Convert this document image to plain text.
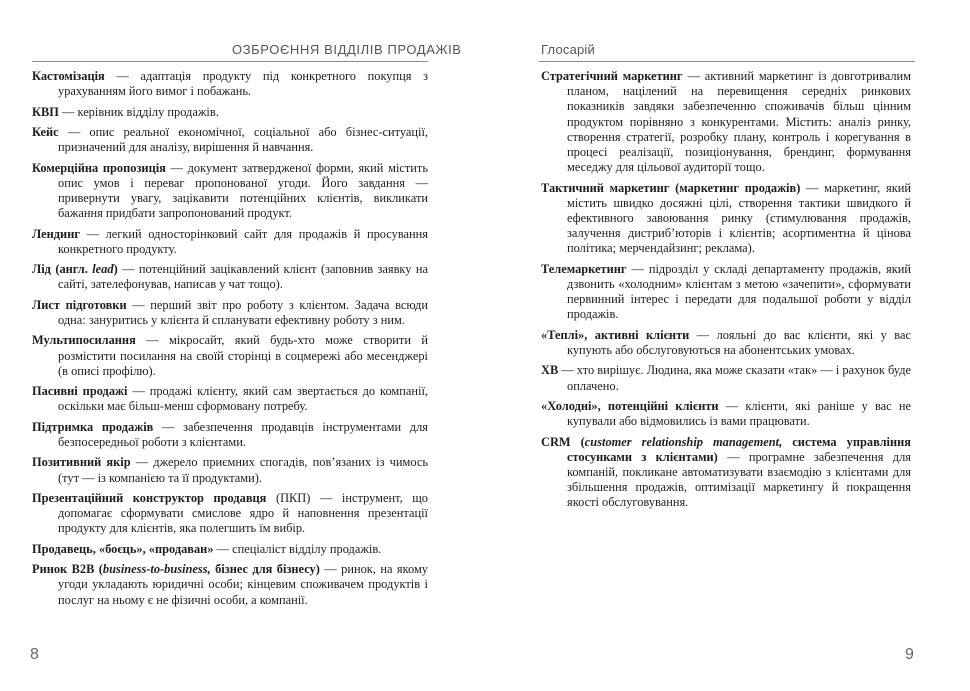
ОЗБРОЄННЯ ВІДДІЛІВ ПРОДАЖІВ

Кастомізація — адаптація продукту під конкретного покупця з урахуванням його вимог і побажань.

КВП — керівник відділу продажів.

Кейс — опис реальної економічної, соціальної або бізнес-ситуації, призначений для аналізу, вирішення й навчання.

Комерційна пропозиція — документ затвердженої форми, який містить опис умов і переваг пропонованої угоди. Його завдання — привернути увагу, зацікавити потенційних клієнтів, викликати бажання придбати запропонований продукт.

Лендинг — легкий односторінковий сайт для продажів й просування конкретного продукту.

Лід (англ. lead) — потенційний зацікавлений клієнт (заповнив заявку на сайті, зателефонував, написав у чат тощо).

Лист підготовки — перший звіт про роботу з клієнтом. Задача всюди одна: зануритись у клієнта й спланувати ефективну роботу з ним.

Мультипосилання — мікросайт, який будь-хто може створити й розмістити посилання на своїй сторінці в соцмережі або месенджері (в описі профілю).

Пасивні продажі — продажі клієнту, який сам звертається до компанії, оскільки має більш-менш сформовану потребу.

Підтримка продажів — забезпечення продавців інструментами для безпосередньої роботи з клієнтами.

Позитивний якір — джерело приємних спогадів, пов’язаних із чимось (тут — із компанією та її продуктами).

Презентаційний конструктор продавця (ПКП) — інструмент, що допомагає сформувати смислове ядро й наповнення презентації продукту для клієнтів, яка полегшить їм вибір.

Продавець, «боєць», «продаван» — спеціаліст відділу продажів.

Ринок B2B (business-to-business, бізнес для бізнесу) — ринок, на якому угоди укладають юридичні особи; кінцевим споживачем продуктів і послуг на ньому є не фізичні особи, а компанії.

8
Глосарій

Стратегічний маркетинг — активний маркетинг із довготривалим планом, націлений на перевищення середніх ринкових показників завдяки забезпеченню споживачів більш цінним продуктом порівняно з конкурентами. Містить: аналіз ринку, створення стратегії, розробку плану, контроль і корегування в процесі реалізації, позиціонування, брендинг, формування меседжу для цільової аудиторії тощо.

Тактичний маркетинг (маркетинг продажів) — маркетинг, який містить швидко досяжні цілі, створення тактики швидкого й ефективного завоювання ринку (стимулювання продажів, залучення дистриб’юторів і клієнтів; асортиментна й цінова політика; мерчендайзинг; реклама).

Телемаркетинг — підрозділ у складі департаменту продажів, який дзвонить «холодним» клієнтам з метою «зачепити», сформувати первинний інтерес і передати для подальшої роботи у відділ продажів.

«Теплі», активні клієнти — лояльні до вас клієнти, які у вас купують або обслуговуються на абонентських умовах.

ХВ — хто вирішує. Людина, яка може сказати «так» — і рахунок буде оплачено.

«Холодні», потенційні клієнти — клієнти, які раніше у вас не купували або відмовились із вами працювати.

CRM (customer relationship management, система управління стосунками з клієнтами) — програмне забезпечення для компаній, покликане автоматизувати взаємодію з клієнтами для збільшення продажів, оптимізації маркетингу й покращення якості обслуговування.

9
